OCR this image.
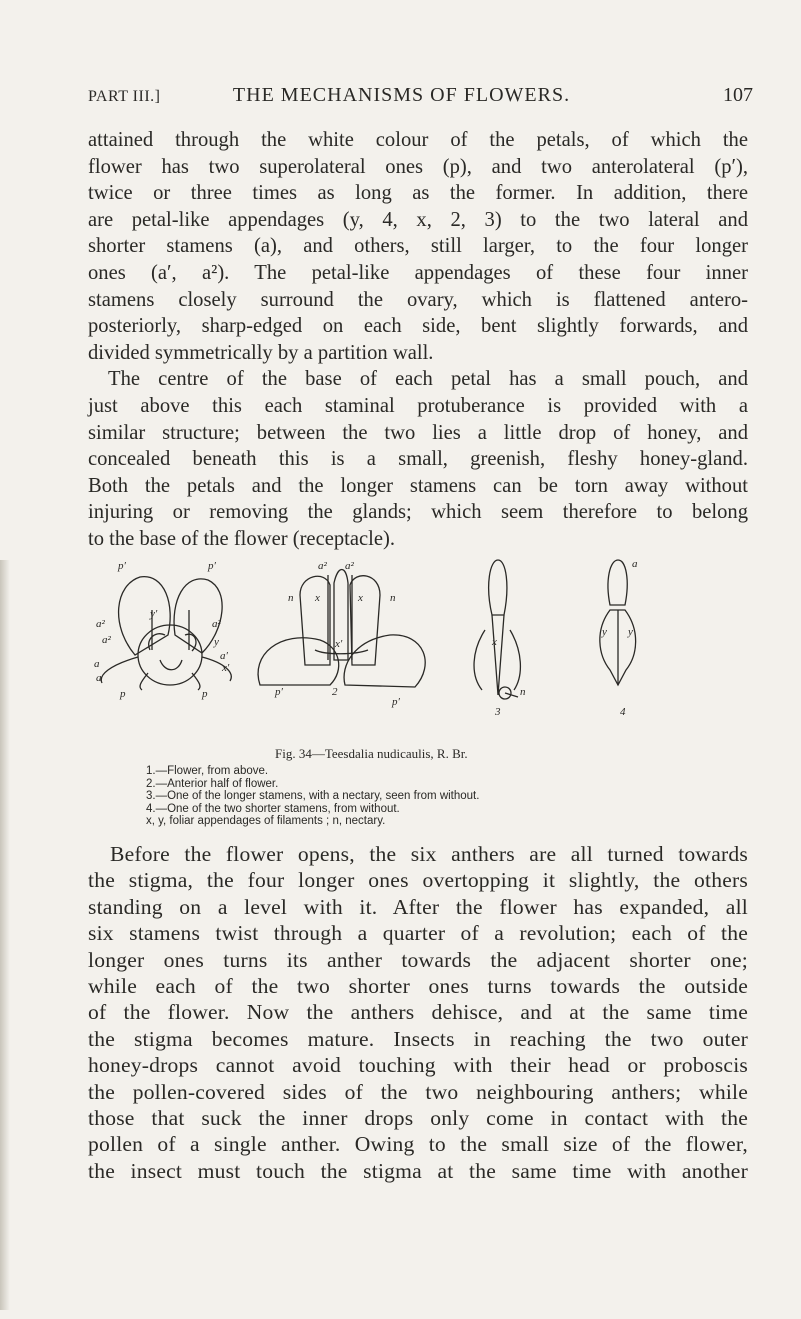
PART III.]	THE MECHANISMS OF FLOWERS.	107
attained through the white colour of the petals, of which the
flower has two superolateral ones (p), and two anterolateral (p′),
twice or three times as long as the former. In addition, there
are petal-like appendages (y, 4, x, 2, 3) to the two lateral and
shorter stamens (a), and others, still larger, to the four longer
ones (a′, a²). The petal-like appendages of these four inner
stamens closely surround the ovary, which is flattened antero-
posteriorly, sharp-edged on each side, bent slightly forwards, and
divided symmetrically by a partition wall.
The centre of the base of each petal has a small pouch, and
just above this each staminal protuberance is provided with a
similar structure; between the two lies a little drop of honey, and
concealed beneath this is a small, greenish, fleshy honey-gland.
Both the petals and the longer stamens can be torn away without
injuring or removing the glands; which seem therefore to belong
to the base of the flower (receptacle).
p′	p′
a²	a²
y′
a²
a
a′
x′
y
a
p	p
a² a²
n x	x n
x′
p′	2
p′
x
n
3
a
y y
4
Fig. 34—Teesdalia nudicaulis, R. Br.
1.—Flower, from above.
2.—Anterior half of flower.
3.—One of the longer stamens, with a nectary, seen from without.
4.—One of the two shorter stamens, from without.
x, y, foliar appendages of filaments ; n, nectary.
Before the flower opens, the six anthers are all turned towards
the stigma, the four longer ones overtopping it slightly, the others
standing on a level with it. After the flower has expanded, all
six stamens twist through a quarter of a revolution; each of the
longer ones turns its anther towards the adjacent shorter one;
while each of the two shorter ones turns towards the outside
of the flower. Now the anthers dehisce, and at the same time
the stigma becomes mature. Insects in reaching the two outer
honey-drops cannot avoid touching with their head or proboscis
the pollen-covered sides of the two neighbouring anthers; while
those that suck the inner drops only come in contact with the
pollen of a single anther. Owing to the small size of the flower,
the insect must touch the stigma at the same time with another
